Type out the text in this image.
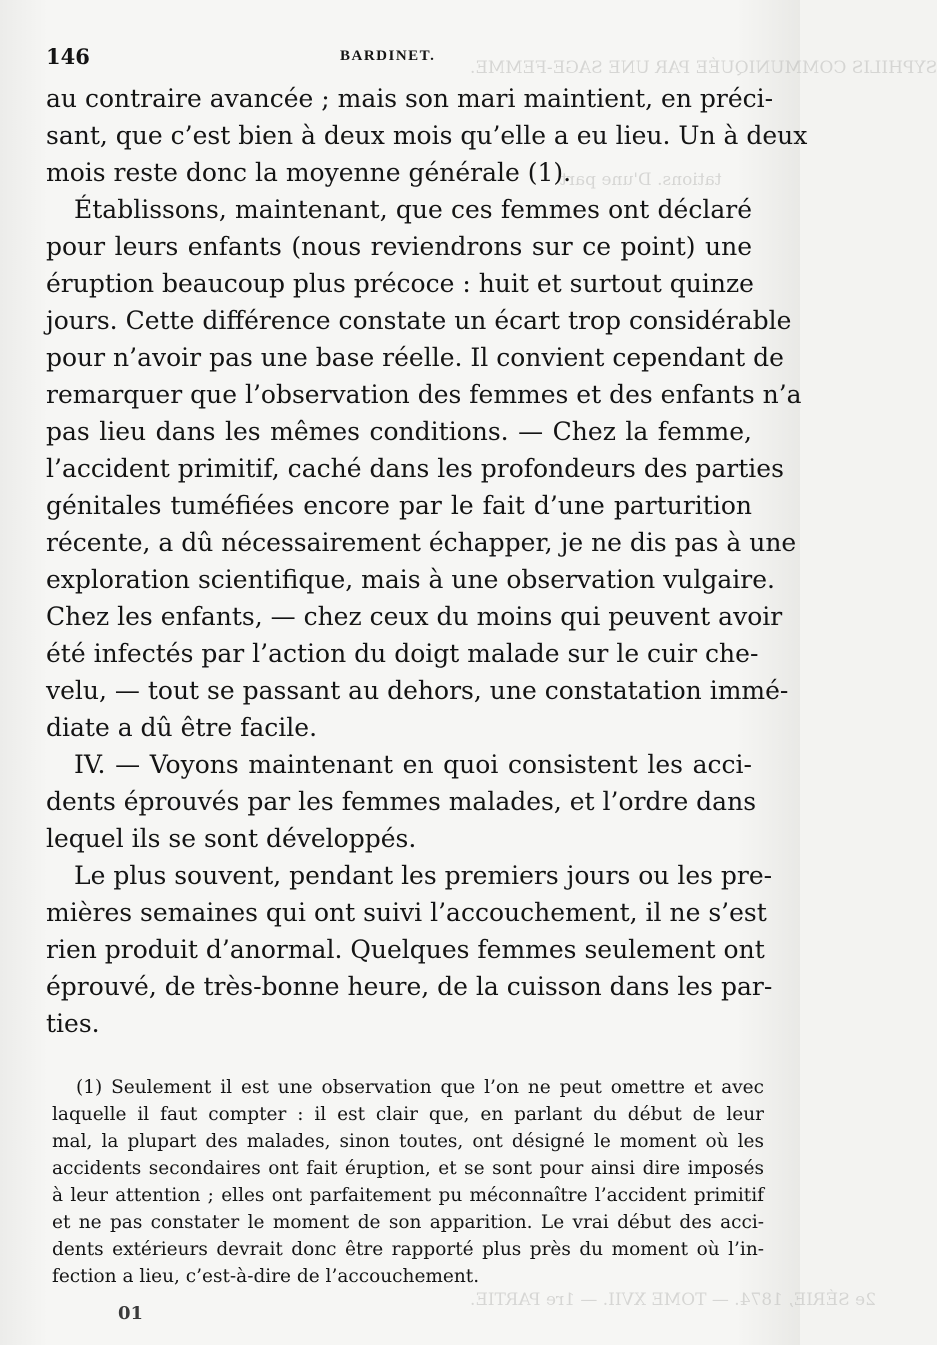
SYPHILIS COMMUNIQUÉE PAR UNE SAGE-FEMME.
tations. D'une part
2e SÉRIE, 1874. — TOME XVII. — 1re PARTIE.
146	BARDINET.
au contraire avancée ; mais son mari maintient, en préci-
sant, que c’est bien à deux mois qu’elle a eu lieu. Un à deux
mois reste donc la moyenne générale (1).
Établissons, maintenant, que ces femmes ont déclaré
pour leurs enfants (nous reviendrons sur ce point) une
éruption beaucoup plus précoce : huit et surtout quinze
jours. Cette différence constate un écart trop considérable
pour n’avoir pas une base réelle. Il convient cependant de
remarquer que l’observation des femmes et des enfants n’a
pas lieu dans les mêmes conditions. — Chez la femme,
l’accident primitif, caché dans les profondeurs des parties
génitales tuméfiées encore par le fait d’une parturition
récente, a dû nécessairement échapper, je ne dis pas à une
exploration scientifique, mais à une observation vulgaire.
Chez les enfants, — chez ceux du moins qui peuvent avoir
été infectés par l’action du doigt malade sur le cuir che-
velu, — tout se passant au dehors, une constatation immé-
diate a dû être facile.
IV. — Voyons maintenant en quoi consistent les acci-
dents éprouvés par les femmes malades, et l’ordre dans
lequel ils se sont développés.
Le plus souvent, pendant les premiers jours ou les pre-
mières semaines qui ont suivi l’accouchement, il ne s’est
rien produit d’anormal. Quelques femmes seulement ont
éprouvé, de très-bonne heure, de la cuisson dans les par-
ties.
(1) Seulement il est une observation que l’on ne peut omettre et avec
laquelle il faut compter : il est clair que, en parlant du début de leur
mal, la plupart des malades, sinon toutes, ont désigné le moment où les
accidents secondaires ont fait éruption, et se sont pour ainsi dire imposés
à leur attention ; elles ont parfaitement pu méconnaître l’accident primitif
et ne pas constater le moment de son apparition. Le vrai début des acci-
dents extérieurs devrait donc être rapporté plus près du moment où l’in-
fection a lieu, c’est-à-dire de l’accouchement.
01
